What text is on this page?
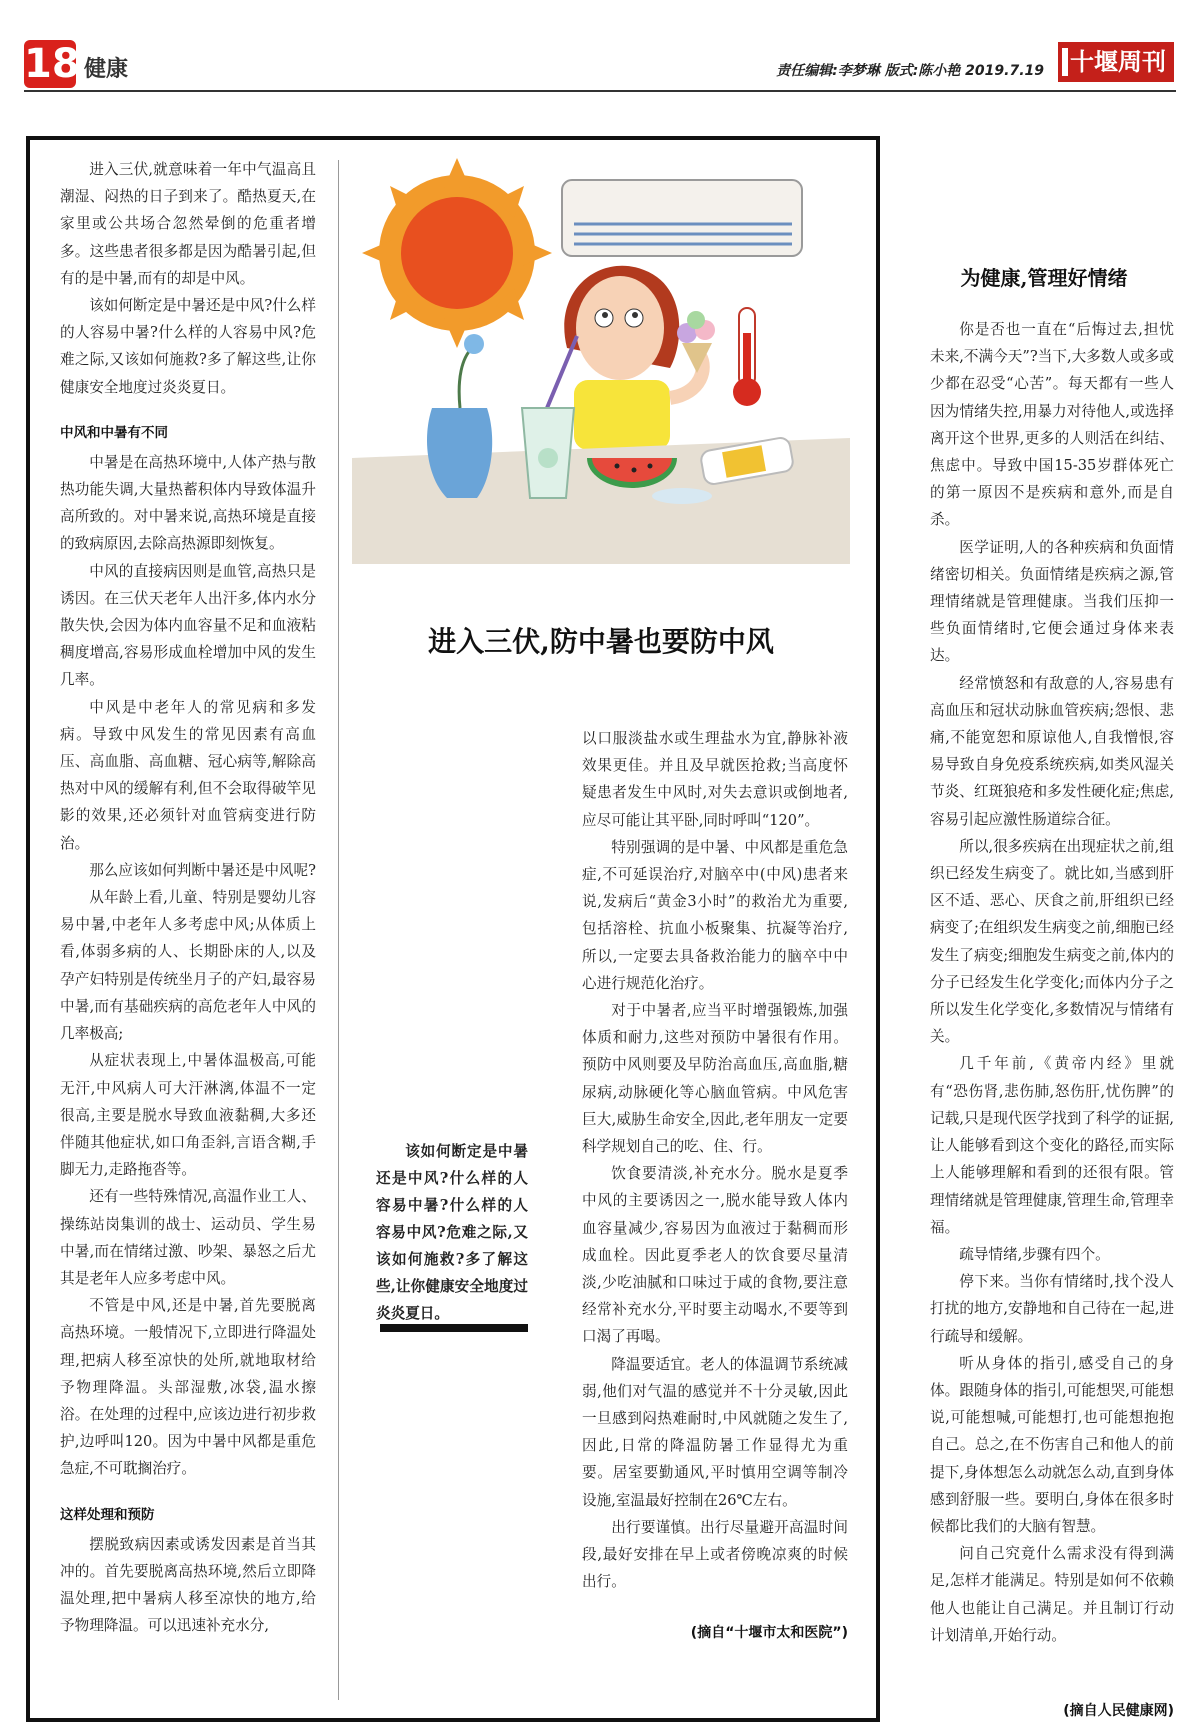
18 健康	责任编辑:李梦琳 版式:陈小艳 2019.7.19	十堰周刊

进入三伏,就意味着一年中气温高且潮湿、闷热的日子到来了。酷热夏天,在家里或公共场合忽然晕倒的危重者增多。这些患者很多都是因为酷暑引起,但有的是中暑,而有的却是中风。

该如何断定是中暑还是中风?什么样的人容易中暑?什么样的人容易中风?危难之际,又该如何施救?多了解这些,让你健康安全地度过炎炎夏日。

中风和中暑有不同

中暑是在高热环境中,人体产热与散热功能失调,大量热蓄积体内导致体温升高所致的。对中暑来说,高热环境是直接的致病原因,去除高热源即刻恢复。

中风的直接病因则是血管,高热只是诱因。在三伏天老年人出汗多,体内水分散失快,会因为体内血容量不足和血液粘稠度增高,容易形成血栓增加中风的发生几率。

中风是中老年人的常见病和多发病。导致中风发生的常见因素有高血压、高血脂、高血糖、冠心病等,解除高热对中风的缓解有利,但不会取得破竿见影的效果,还必须针对血管病变进行防治。

那么应该如何判断中暑还是中风呢?

从年龄上看,儿童、特别是婴幼儿容易中暑,中老年人多考虑中风;从体质上看,体弱多病的人、长期卧床的人,以及孕产妇特别是传统坐月子的产妇,最容易中暑,而有基础疾病的高危老年人中风的几率极高;

从症状表现上,中暑体温极高,可能无汗,中风病人可大汗淋漓,体温不一定很高,主要是脱水导致血液黏稠,大多还伴随其他症状,如口角歪斜,言语含糊,手脚无力,走路拖沓等。

还有一些特殊情况,高温作业工人、操练站岗集训的战士、运动员、学生易中暑,而在情绪过激、吵架、暴怒之后尤其是老年人应多考虑中风。

不管是中风,还是中暑,首先要脱离高热环境。一般情况下,立即进行降温处理,把病人移至凉快的处所,就地取材给予物理降温。头部湿敷,冰袋,温水擦浴。在处理的过程中,应该边进行初步救护,边呼叫120。因为中暑中风都是重危急症,不可耽搁治疗。

这样处理和预防

摆脱致病因素或诱发因素是首当其冲的。首先要脱离高热环境,然后立即降温处理,把中暑病人移至凉快的地方,给予物理降温。可以迅速补充水分,

进入三伏,防中暑也要防中风
该如何断定是中暑还是中风?什么样的人容易中暑?什么样的人容易中风?危难之际,又该如何施救?多了解这些,让你健康安全地度过炎炎夏日。

以口服淡盐水或生理盐水为宜,静脉补液效果更佳。并且及早就医抢救;当高度怀疑患者发生中风时,对失去意识或倒地者,应尽可能让其平卧,同时呼叫“120”。

特别强调的是中暑、中风都是重危急症,不可延误治疗,对脑卒中(中风)患者来说,发病后“黄金3小时”的救治尤为重要,包括溶栓、抗血小板聚集、抗凝等治疗,所以,一定要去具备救治能力的脑卒中中心进行规范化治疗。

对于中暑者,应当平时增强锻炼,加强体质和耐力,这些对预防中暑很有作用。预防中风则要及早防治高血压,高血脂,糖尿病,动脉硬化等心脑血管病。中风危害巨大,威胁生命安全,因此,老年朋友一定要科学规划自己的吃、住、行。

饮食要清淡,补充水分。脱水是夏季中风的主要诱因之一,脱水能导致人体内血容量减少,容易因为血液过于黏稠而形成血栓。因此夏季老人的饮食要尽量清淡,少吃油腻和口味过于咸的食物,要注意经常补充水分,平时要主动喝水,不要等到口渴了再喝。

降温要适宜。老人的体温调节系统减弱,他们对气温的感觉并不十分灵敏,因此一旦感到闷热难耐时,中风就随之发生了,因此,日常的降温防暑工作显得尤为重要。居室要勤通风,平时慎用空调等制冷设施,室温最好控制在26℃左右。

出行要谨慎。出行尽量避开高温时间段,最好安排在早上或者傍晚凉爽的时候出行。

(摘自“十堰市太和医院”)
为健康,管理好情绪

你是否也一直在“后悔过去,担忧未来,不满今天”?当下,大多数人或多或少都在忍受“心苦”。每天都有一些人因为情绪失控,用暴力对待他人,或选择离开这个世界,更多的人则活在纠结、焦虑中。导致中国15-35岁群体死亡的第一原因不是疾病和意外,而是自杀。

医学证明,人的各种疾病和负面情绪密切相关。负面情绪是疾病之源,管理情绪就是管理健康。当我们压抑一些负面情绪时,它便会通过身体来表达。

经常愤怒和有敌意的人,容易患有高血压和冠状动脉血管疾病;怨恨、悲痛,不能宽恕和原谅他人,自我憎恨,容易导致自身免疫系统疾病,如类风湿关节炎、红斑狼疮和多发性硬化症;焦虑,容易引起应激性肠道综合征。

所以,很多疾病在出现症状之前,组织已经发生病变了。就比如,当感到肝区不适、恶心、厌食之前,肝组织已经病变了;在组织发生病变之前,细胞已经发生了病变;细胞发生病变之前,体内的分子已经发生化学变化;而体内分子之所以发生化学变化,多数情况与情绪有关。

几千年前,《黄帝内经》里就有“恐伤肾,悲伤肺,怒伤肝,忧伤脾”的记载,只是现代医学找到了科学的证据,让人能够看到这个变化的路径,而实际上人能够理解和看到的还很有限。管理情绪就是管理健康,管理生命,管理幸福。

疏导情绪,步骤有四个。

停下来。当你有情绪时,找个没人打扰的地方,安静地和自己待在一起,进行疏导和缓解。

听从身体的指引,感受自己的身体。跟随身体的指引,可能想哭,可能想说,可能想喊,可能想打,也可能想抱抱自己。总之,在不伤害自己和他人的前提下,身体想怎么动就怎么动,直到身体感到舒服一些。要明白,身体在很多时候都比我们的大脑有智慧。

问自己究竟什么需求没有得到满足,怎样才能满足。特别是如何不依赖他人也能让自己满足。并且制订行动计划清单,开始行动。

(摘自人民健康网)
